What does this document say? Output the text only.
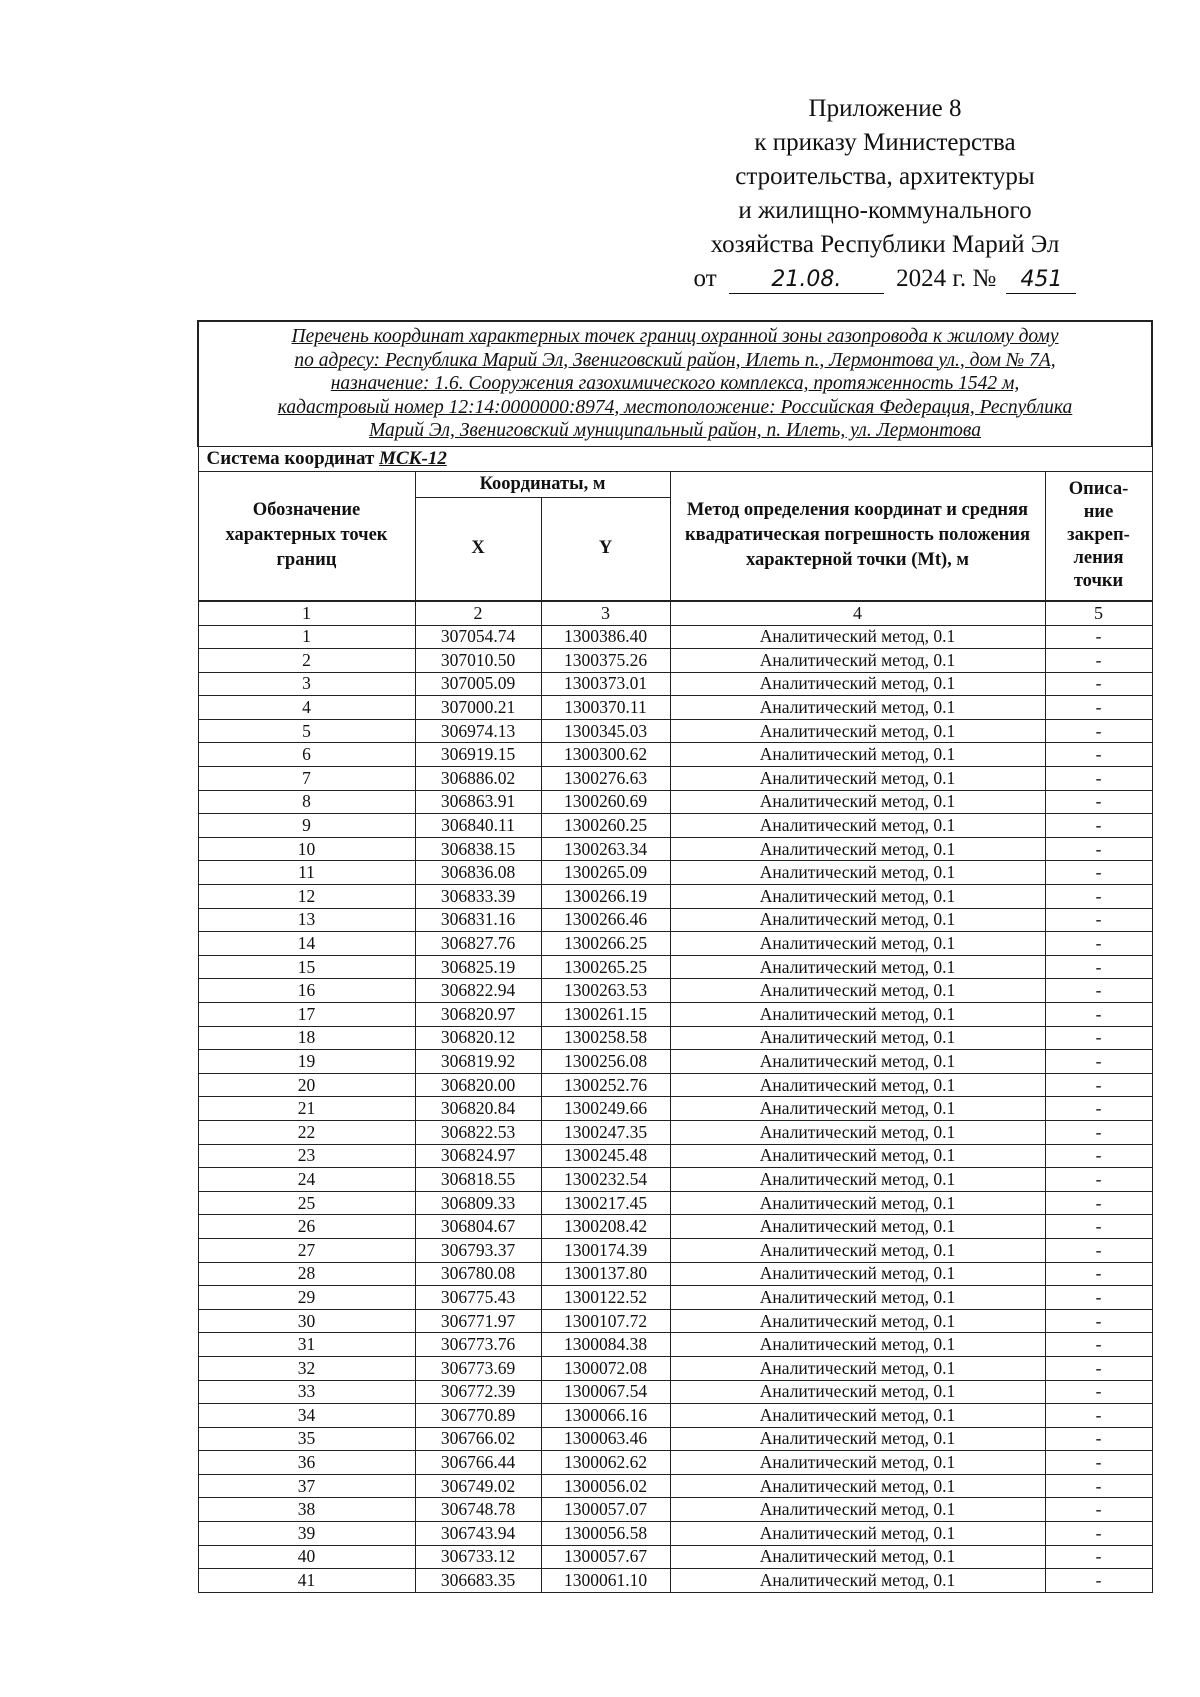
Приложение 8
к приказу Министерства
строительства, архитектуры
и жилищно-коммунального
хозяйства Республики Марий Эл
от 21.08. 2024 г. № 451
Перечень координат характерных точек границ охранной зоны газопровода к жилому дому
по адресу: Республика Марий Эл, Звениговский район, Илеть п., Лермонтова ул., дом № 7А,
назначение: 1.6. Сооружения газохимического комплекса, протяженность 1542 м,
кадастровый номер 12:14:0000000:8974, местоположение: Российская Федерация, Республика
Марий Эл, Звениговский муниципальный район, п. Илеть, ул. Лермонтова				

Система координат МСК-12				
Обозначение характерных точек границ	Координаты, м		Метод определения координат и средняя квадратическая погрешность положения характерной точки (Mt), м	Описа-
ние
закреп-
ления
точки
	X	Y		
1	2	3	4	5
1	307054.74	1300386.40	Аналитический метод, 0.1	-
2	307010.50	1300375.26	Аналитический метод, 0.1	-
3	307005.09	1300373.01	Аналитический метод, 0.1	-
4	307000.21	1300370.11	Аналитический метод, 0.1	-
5	306974.13	1300345.03	Аналитический метод, 0.1	-
6	306919.15	1300300.62	Аналитический метод, 0.1	-
7	306886.02	1300276.63	Аналитический метод, 0.1	-
8	306863.91	1300260.69	Аналитический метод, 0.1	-
9	306840.11	1300260.25	Аналитический метод, 0.1	-
10	306838.15	1300263.34	Аналитический метод, 0.1	-
11	306836.08	1300265.09	Аналитический метод, 0.1	-
12	306833.39	1300266.19	Аналитический метод, 0.1	-
13	306831.16	1300266.46	Аналитический метод, 0.1	-
14	306827.76	1300266.25	Аналитический метод, 0.1	-
15	306825.19	1300265.25	Аналитический метод, 0.1	-
16	306822.94	1300263.53	Аналитический метод, 0.1	-
17	306820.97	1300261.15	Аналитический метод, 0.1	-
18	306820.12	1300258.58	Аналитический метод, 0.1	-
19	306819.92	1300256.08	Аналитический метод, 0.1	-
20	306820.00	1300252.76	Аналитический метод, 0.1	-
21	306820.84	1300249.66	Аналитический метод, 0.1	-
22	306822.53	1300247.35	Аналитический метод, 0.1	-
23	306824.97	1300245.48	Аналитический метод, 0.1	-
24	306818.55	1300232.54	Аналитический метод, 0.1	-
25	306809.33	1300217.45	Аналитический метод, 0.1	-
26	306804.67	1300208.42	Аналитический метод, 0.1	-
27	306793.37	1300174.39	Аналитический метод, 0.1	-
28	306780.08	1300137.80	Аналитический метод, 0.1	-
29	306775.43	1300122.52	Аналитический метод, 0.1	-
30	306771.97	1300107.72	Аналитический метод, 0.1	-
31	306773.76	1300084.38	Аналитический метод, 0.1	-
32	306773.69	1300072.08	Аналитический метод, 0.1	-
33	306772.39	1300067.54	Аналитический метод, 0.1	-
34	306770.89	1300066.16	Аналитический метод, 0.1	-
35	306766.02	1300063.46	Аналитический метод, 0.1	-
36	306766.44	1300062.62	Аналитический метод, 0.1	-
37	306749.02	1300056.02	Аналитический метод, 0.1	-
38	306748.78	1300057.07	Аналитический метод, 0.1	-
39	306743.94	1300056.58	Аналитический метод, 0.1	-
40	306733.12	1300057.67	Аналитический метод, 0.1	-
41	306683.35	1300061.10	Аналитический метод, 0.1	-
